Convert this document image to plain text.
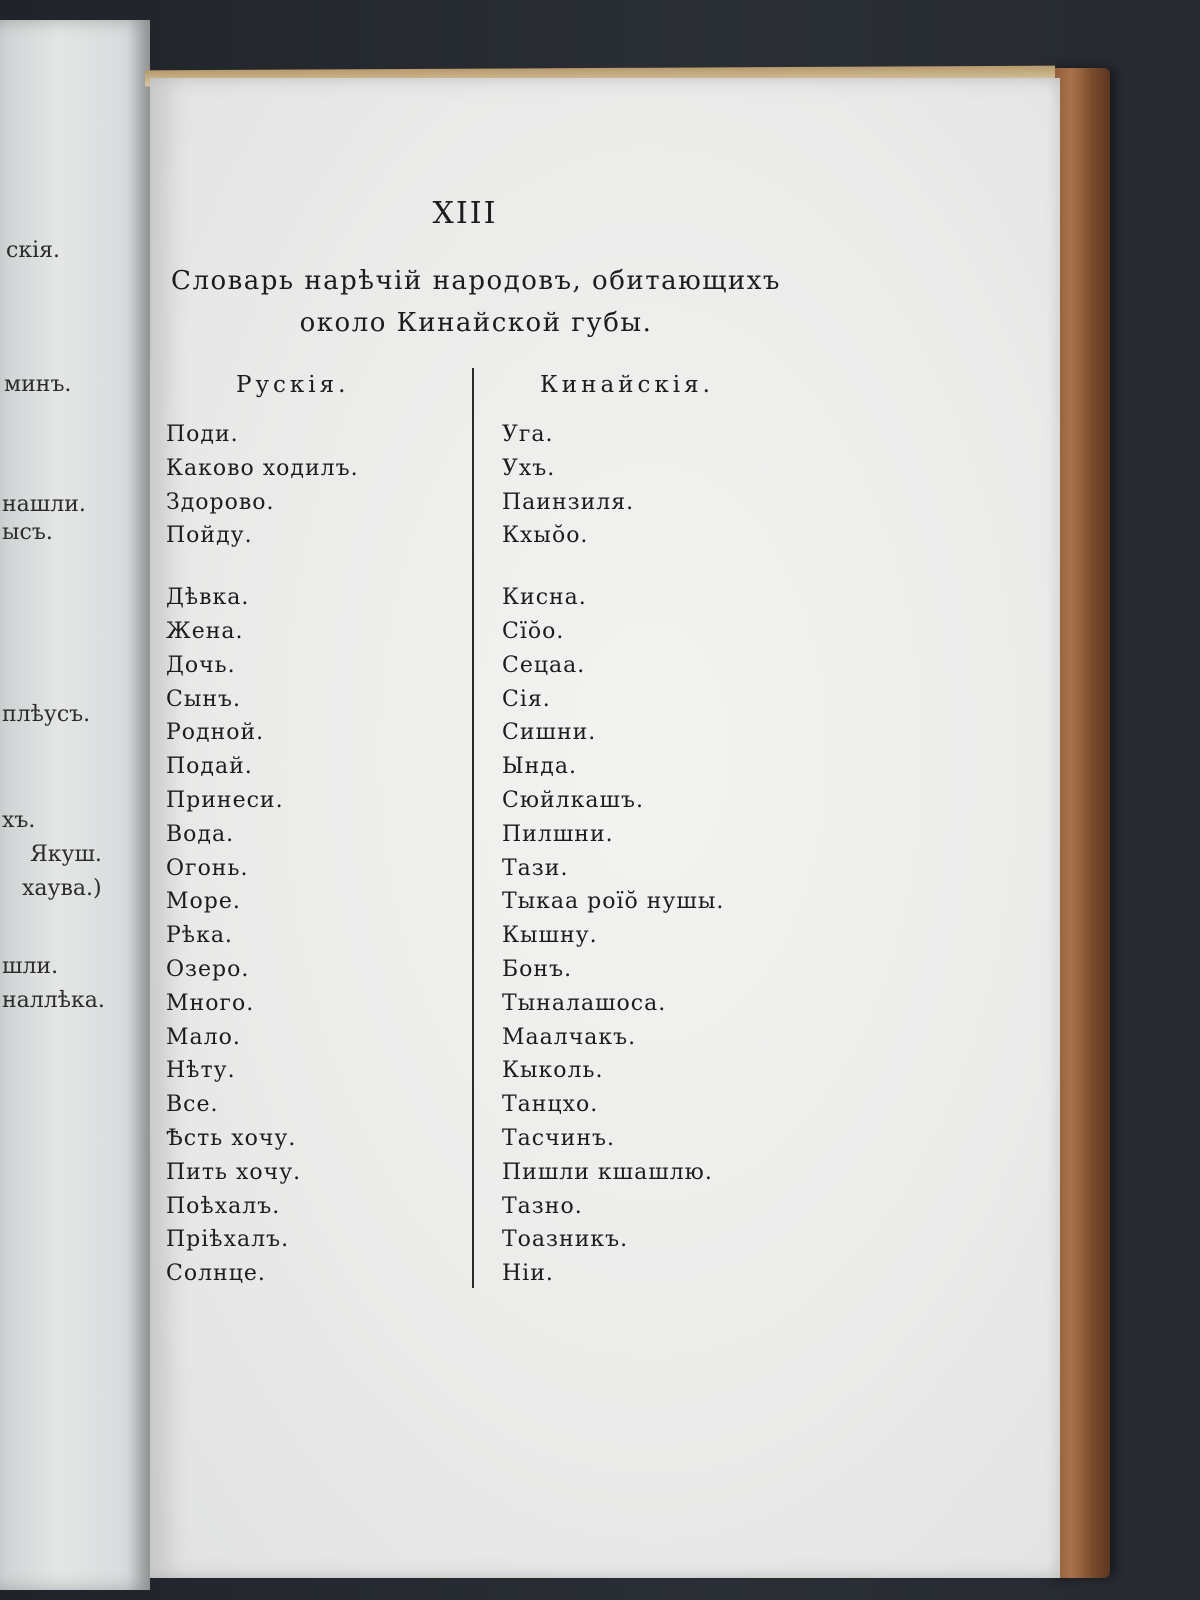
скія.
минъ.
нашли.
ысъ.
плѣусъ.
хъ.
Якуш.
хаува.)
шли.
наллѣка.
XIII
Словарь нарѣчій народовъ, обитающихъ
около Кинайской губы.
Рускія.	Кинайскія.
Поди.
Каково ходилъ.
Здорово.
Пойду.
Дѣвка.
Жена.
Дочь.
Сынъ.
Родной.
Подай.
Принеси.
Вода.
Огонь.
Море.
Рѣка.
Озеро.
Много.
Мало.
Нѣту.
Все.
Ѣсть хочу.
Пить хочу.
Поѣхалъ.
Пріѣхалъ.
Солнце.
Уга.
Ухъ.
Паинзиля.
Кхыо̆о.
Кисна.
Сїо̆о.
Сецаа.
Сія.
Сишни.
Ында.
Сюйлкашъ.
Пилшни.
Тази.
Тыкаа роїо̆ нушы.
Кышну.
Бонъ.
Тыналашоса.
Маалчакъ.
Кыколь.
Танцхо.
Тасчинъ.
Пишли кшашлю.
Тазно.
Тоазникъ.
Ніи.
